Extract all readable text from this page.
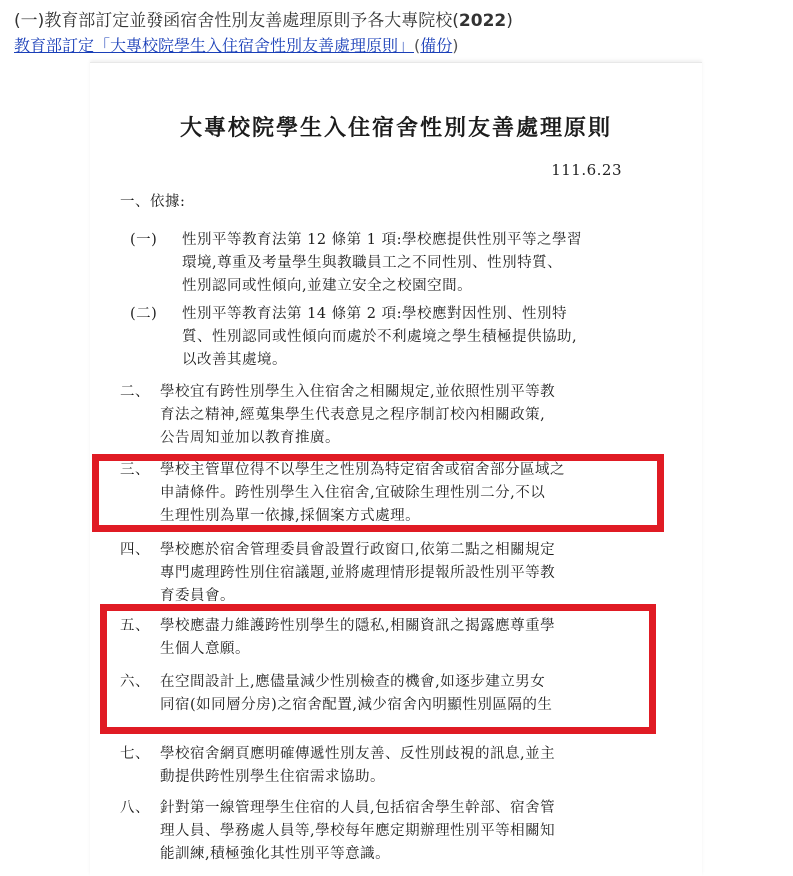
(一)教育部訂定並發函宿舍性別友善處理原則予各大專院校(2022)
教育部訂定「大專校院學生入住宿舍性別友善處理原則」(備份)
大專校院學生入住宿舍性別友善處理原則
111.6.23
一、依據:
(一)	性別平等教育法第 12 條第 1 項:學校應提供性別平等之學習
環境,尊重及考量學生與教職員工之不同性別、性別特質、
性別認同或性傾向,並建立安全之校園空間。
(二)	性別平等教育法第 14 條第 2 項:學校應對因性別、性別特
質、性別認同或性傾向而處於不利處境之學生積極提供協助,
以改善其處境。
二、 學校宜有跨性別學生入住宿舍之相關規定,並依照性別平等教
育法之精神,經蒐集學生代表意見之程序制訂校內相關政策,
公告周知並加以教育推廣。
三、 學校主管單位得不以學生之性別為特定宿舍或宿舍部分區域之
申請條件。跨性別學生入住宿舍,宜破除生理性別二分,不以
生理性別為單一依據,採個案方式處理。
四、 學校應於宿舍管理委員會設置行政窗口,依第二點之相關規定
專門處理跨性別住宿議題,並將處理情形提報所設性別平等教
育委員會。
五、 學校應盡力維護跨性別學生的隱私,相關資訊之揭露應尊重學
生個人意願。
六、 在空間設計上,應儘量減少性別檢查的機會,如逐步建立男女
同宿(如同層分房)之宿舍配置,減少宿舍內明顯性別區隔的生
七、 學校宿舍網頁應明確傳遞性別友善、反性別歧視的訊息,並主
動提供跨性別學生住宿需求協助。
八、 針對第一線管理學生住宿的人員,包括宿舍學生幹部、宿舍管
理人員、學務處人員等,學校每年應定期辦理性別平等相關知
能訓練,積極強化其性別平等意識。
